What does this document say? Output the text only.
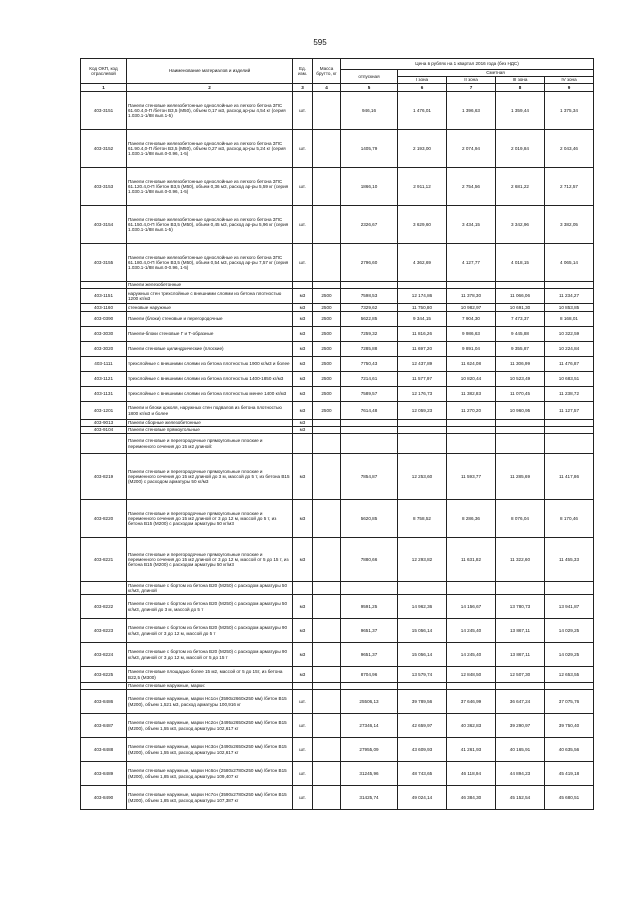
595
Код ОКП, код отраслевой	Наименование материалов и изделий	Ед. изм.	Масса брутто, кг	Цена в рублях на 1 квартал 2016 года (без НДС)				
				отпускная	Сметная			
					I зона	II зона	III зона	IV зона
1	2	3	4	5	6	7	8	9
403-3151	Панели стеновые железобетонные однослойные из легкого бетона ЗПС 61.60.4,0-П /бетон В3,5 (М50), объем 0,17 м3, расход ар-ры 4,54 кг (серия 1.030.1-1/88 вып.1-5)	шт.		946,16	1 476,01	1 396,63	1 359,44	1 375,34
403-3152	Панели стеновые железобетонные однослойные из легкого бетона ЗПС 61.90.4,0-П /бетон В3,5 (М50), объем 0,27 м3, расход ар-ры 5,24 кг (серия 1.030.1-1/88 вып.0-0.96, 1-5)	шт.		1405,79	2 193,00	2 074,94	2 019,84	2 043,46
403-3153	Панели стеновые железобетонные однослойные из легкого бетона ЗПС 61.120.4,0-П /бетон В3,5 (М50), объем 0,36 м3, расход ар-ры 5,59 кг (серия 1.030.1-1/88 вып.0-0.96, 1-5)	шт.		1866,10	2 911,12	2 754,56	2 681,22	2 712,57
403-3154	Панели стеновые железобетонные однослойные из легкого бетона ЗПС 61.150.4,0-П /бетон В3,5 (М50), объем 0,45 м3, расход ар-ры 5,96 кг (серия 1.030.1-1/88 вып.1-5)	шт.		2326,67	3 629,60	3 434,15	3 342,96	3 382,05
403-3155	Панели стеновые железобетонные однослойные из легкого бетона ЗПС 61.180.4,0-П /бетон В3,5 (М50), объем 0,54 м3, расход ар-ры 7,57 кг (серия 1.030.1-1/88 вып.0-0.96, 1-5)	шт.		2796,60	4 362,69	4 127,77	4 018,15	4 065,14
	Панели железобетонные							
403-1151	наружных стен трехслойные с внешними слоями из бетона плотностью 1200 кг/м3	м3	2500	7598,53	12 174,86	11 378,30	11 066,06	11 234,27
403-1160	стеновые наружные	м3	2500	7329,62	11 750,80	10 982,97	10 691,30	10 853,85
403-0390	Панели (блоки) стеновые и перегородочные	м3	2500	5622,85	9 344,15	7 904,30	7 473,37	8 168,01
403-3030	Панели-блоки стеновые Г и Т-образные	м3	2500	7259,32	11 816,26	9 986,63	9 445,88	10 322,59
403-3020	Панели стеновые цилиндрические (плоские)	м3	2500	7285,88	11 697,20	9 891,04	9 355,87	10 224,84
403-1111	трехслойные с внешними слоями из бетона плотностью 1900 кг/м3 и более	м3	2500	7750,43	12 437,89	11 624,08	11 306,99	11 476,87
403-1121	трехслойные с внешними слоями из бетона плотностью 1400-1850 кг/м3	м3	2500	7214,61	11 577,97	10 820,44	10 523,49	10 683,51
403-1131	трехслойные с внешними слоями из бетона плотностью менее 1400 кг/м3	м3	2500	7589,57	12 176,73	11 382,83	11 070,45	11 238,72
403-1201	Панели и блоки цоколя, наружных стен подвалов из бетона плотностью 1800 кг/м3 и более	м3	2500	7614,48	12 059,23	11 270,20	10 960,95	11 127,57
403-9013	Панели сборные железобетонные	м3						
403-9104	Панели стеновые прямоугольные	м3						
	Панели стеновые и перегородочные прямоугольные плоские и переменного сечения до 15 м2 длиной:							
403-8219	Панели стеновые и перегородочные прямоугольные плоские и переменного сечения до 15 м2 длиной до 3 м, массой до 5 т, из бетона В15 (М200) с расходом арматуры 50 кг/м3	м3		7854,87	12 253,60	11 593,77	11 285,69	11 417,86
403-8220	Панели стеновые и перегородочные прямоугольные плоские и переменного сечения до 15 м2 длиной от 3 до 12 м, массой до 5 т, из бетона В15 (М200) с расходом арматуры 50 кг/м3	м3		5620,85	8 758,52	8 286,36	8 076,04	8 170,46
403-8221	Панели стеновые и перегородочные прямоугольные плоские и переменного сечения до 15 м2 длиной от 3 до 12 м, массой от 5 до 15 т, из бетона В15 (М200) с расходом арматуры 50 кг/м3	м3		7880,66	12 293,82	11 631,82	11 322,60	11 455,33
	Панели стеновые с бортом из бетона В20 (М250) с расходом арматуры 50 кг/м3, длиной							
403-8222	Панели стеновые с бортом из бетона В20 (М250) с расходом арматуры 50 кг/м3, длиной до 3 м, массой до 5 т	м3		9591,25	14 962,36	14 156,67	13 780,73	13 941,87
403-8223	Панели стеновые с бортом из бетона В20 (М250) с расходом арматуры 90 кг/м3, длиной от 3 до 12 м, массой до 5 т	м3		9651,37	15 056,14	14 245,40	13 867,11	14 029,25
403-8224	Панели стеновые с бортом из бетона В20 (М250) с расходом арматуры 90 кг/м3, длиной от 3 до 12 м, массой от 5 до 15 т	м3		9651,37	15 056,14	14 245,40	13 867,11	14 029,25
403-8225	Панели стеновые площадью более 15 м2, массой от 5 до 15т, из бетона В22,5 (М300)	м3		8704,96	13 579,74	12 848,50	12 507,30	12 653,55
	Панели стеновые наружные, марки:							
403-8486	Панели стеновые наружные, марки Нс1сн (3590х2660х250 мм) /бетон В15 (М200), объем 1,521 м3, расход арматуры 100,916 кг	шт.		25506,13	39 789,56	37 646,99	36 647,24	37 075,76
403-8487	Панели стеновые наружные, марки Нс2сн (3495х2650х250 мм) /бетон В15 (М200), объем 1,55 м3, расход арматуры 102,617 кг	шт.		27346,14	42 659,97	40 362,83	39 290,97	39 750,40
403-8488	Панели стеновые наружные, марки Нс3сн (3490х2650х250 мм) /бетон В15 (М200), объем 1,55 м3, расход арматуры 102,617 кг	шт.		27955,09	43 609,93	41 261,93	40 165,91	40 635,56
403-8489	Панели стеновые наружные, марки Нс6сн (2580х2780х250 мм) /бетон В15 (М200), объем 1,85 м3, расход арматуры 109,407 кг	шт.		31245,96	48 743,65	46 118,94	44 894,23	45 419,18
403-8490	Панели стеновые наружные, марки Нс7сн (3590х2780х250 мм) /бетон В15 (М200), объем 1,85 м3, расход арматуры 107,387 кг	шт.		31425,74	49 024,14	46 384,30	45 152,54	45 680,51
